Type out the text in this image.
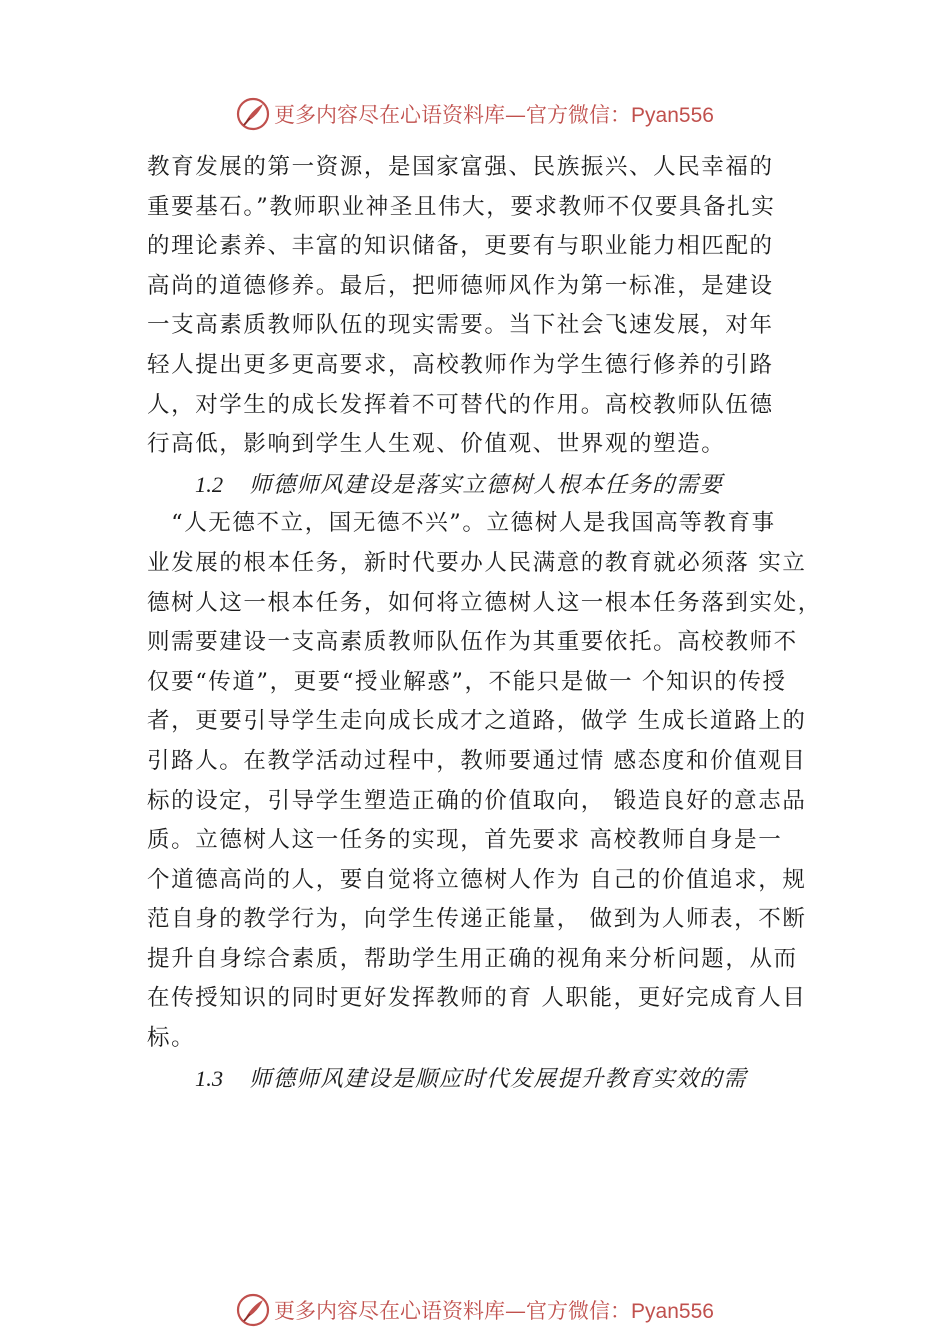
更多内容尽在心语资料库—官方微信：Pyan556
教育发展的第一资源，是国家富强、民族振兴、人民幸福的
重要基石。”教师职业神圣且伟大，要求教师不仅要具备扎实
的理论素养、丰富的知识储备，更要有与职业能力相匹配的
高尚的道德修养。最后，把师德师风作为第一标准，是建设
一支高素质教师队伍的现实需要。当下社会飞速发展，对年
轻人提出更多更高要求，高校教师作为学生德行修养的引路
人，对学生的成长发挥着不可替代的作用。高校教师队伍德
行高低，影响到学生人生观、价值观、世界观的塑造。
1.2 师德师风建设是落实立德树人根本任务的需要
　“人无德不立，国无德不兴”。立德树人是我国高等教育事
业发展的根本任务，新时代要办人民满意的教育就必须落 实立
德树人这一根本任务，如何将立德树人这一根本任务落到实处，
则需要建设一支高素质教师队伍作为其重要依托。高校教师不
仅要“传道”，更要“授业解惑”，不能只是做一 个知识的传授
者，更要引导学生走向成长成才之道路，做学 生成长道路上的
引路人。在教学活动过程中，教师要通过情 感态度和价值观目
标的设定，引导学生塑造正确的价值取向， 锻造良好的意志品
质。立德树人这一任务的实现，首先要求 高校教师自身是一
个道德高尚的人，要自觉将立德树人作为 自己的价值追求，规
范自身的教学行为，向学生传递正能量， 做到为人师表，不断
提升自身综合素质，帮助学生用正确的视角来分析问题，从而
在传授知识的同时更好发挥教师的育 人职能，更好完成育人目
标。
1.3 师德师风建设是顺应时代发展提升教育实效的需
更多内容尽在心语资料库—官方微信：Pyan556
